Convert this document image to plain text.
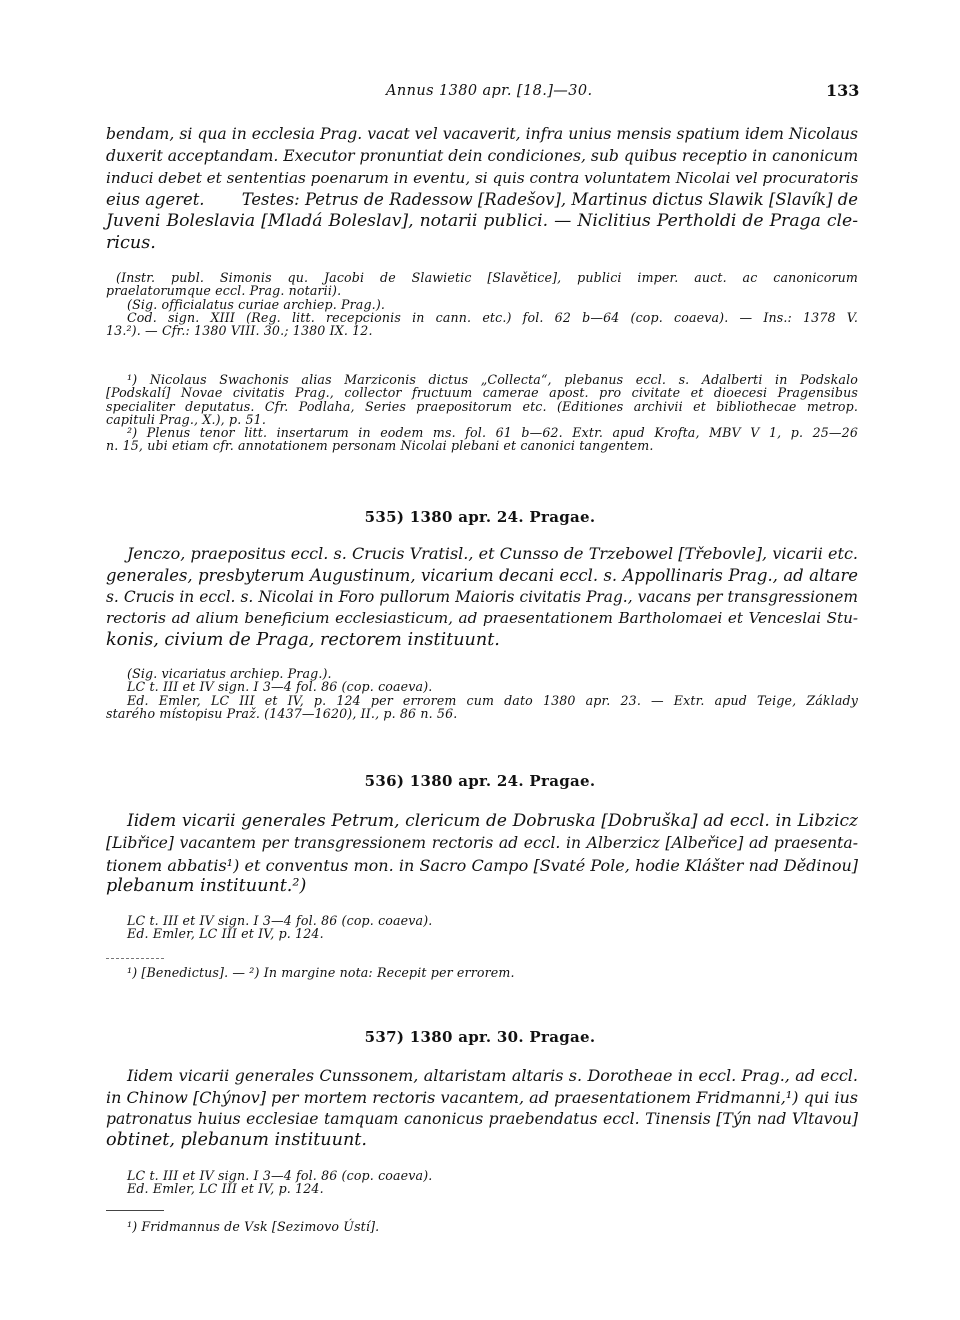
Annus 1380 apr. [18.]—30.	133
bendam, si qua in ecclesia Prag. vacat vel vacaverit, infra unius mensis spatium idem Nicolaus
duxerit acceptandam. Executor pronuntiat dein condiciones, sub quibus receptio in canonicum
induci debet et sententias poenarum in eventu, si quis contra voluntatem Nicolai vel procuratoris
eius ageret.       Testes: Petrus de Radessow [Radešov], Martinus dictus Slawik [Slavík] de
Juveni Boleslavia [Mladá Boleslav], notarii publici. — Niclitius Pertholdi de Praga cle-
ricus.
(Instr. publ. Simonis qu. Jacobi de Slawietic [Slavětice], publici imper. auct. ac canonicorum
praelatorumque eccl. Prag. notarii).
(Sig. officialatus curiae archiep. Prag.).
Cod. sign. XIII (Reg. litt. recepcionis in cann. etc.) fol. 62 b—64 (cop. coaeva). — Ins.: 1378 V.
13.²). — Cfr.: 1380 VIII. 30.; 1380 IX. 12.
¹) Nicolaus Swachonis alias Marziconis dictus „Collecta“, plebanus eccl. s. Adalberti in Podskalo
[Podskalí] Novae civitatis Prag., collector fructuum camerae apost. pro civitate et dioecesi Pragensibus
specialiter deputatus. Cfr. Podlaha, Series praepositorum etc. (Editiones archivii et bibliothecae metrop.
capituli Prag., X.), p. 51.
²) Plenus tenor litt. insertarum in eodem ms. fol. 61 b—62. Extr. apud Krofta, MBV V 1, p. 25—26
n. 15, ubi etiam cfr. annotationem personam Nicolai plebani et canonici tangentem.
535) 1380 apr. 24. Pragae.
Jenczo, praepositus eccl. s. Crucis Vratisl., et Cunsso de Trzebowel [Třebovle], vicarii etc.
generales, presbyterum Augustinum, vicarium decani eccl. s. Appollinaris Prag., ad altare
s. Crucis in eccl. s. Nicolai in Foro pullorum Maioris civitatis Prag., vacans per transgressionem
rectoris ad alium beneficium ecclesiasticum, ad praesentationem Bartholomaei et Venceslai Stu-
konis, civium de Praga, rectorem instituunt.
(Sig. vicariatus archiep. Prag.).
LC t. III et IV sign. I 3—4 fol. 86 (cop. coaeva).
Ed. Emler, LC III et IV, p. 124 per errorem cum dato 1380 apr. 23. — Extr. apud Teige, Základy
starého místopisu Praž. (1437—1620), II., p. 86 n. 56.
536) 1380 apr. 24. Pragae.
Iidem vicarii generales Petrum, clericum de Dobruska [Dobruška] ad eccl. in Libzicz
[Libřice] vacantem per transgressionem rectoris ad eccl. in Alberzicz [Albeřice] ad praesenta-
tionem abbatis¹) et conventus mon. in Sacro Campo [Svaté Pole, hodie Klášter nad Dědinou]
plebanum instituunt.²)
LC t. III et IV sign. I 3—4 fol. 86 (cop. coaeva).
Ed. Emler, LC III et IV, p. 124.
¹) [Benedictus]. — ²) In margine nota: Recepit per errorem.
537) 1380 apr. 30. Pragae.
Iidem vicarii generales Cunssonem, altaristam altaris s. Dorotheae in eccl. Prag., ad eccl.
in Chinow [Chýnov] per mortem rectoris vacantem, ad praesentationem Fridmanni,¹) qui ius
patronatus huius ecclesiae tamquam canonicus praebendatus eccl. Tinensis [Týn nad Vltavou]
obtinet, plebanum instituunt.
LC t. III et IV sign. I 3—4 fol. 86 (cop. coaeva).
Ed. Emler, LC III et IV, p. 124.
¹) Fridmannus de Vsk [Sezimovo Ústí].
